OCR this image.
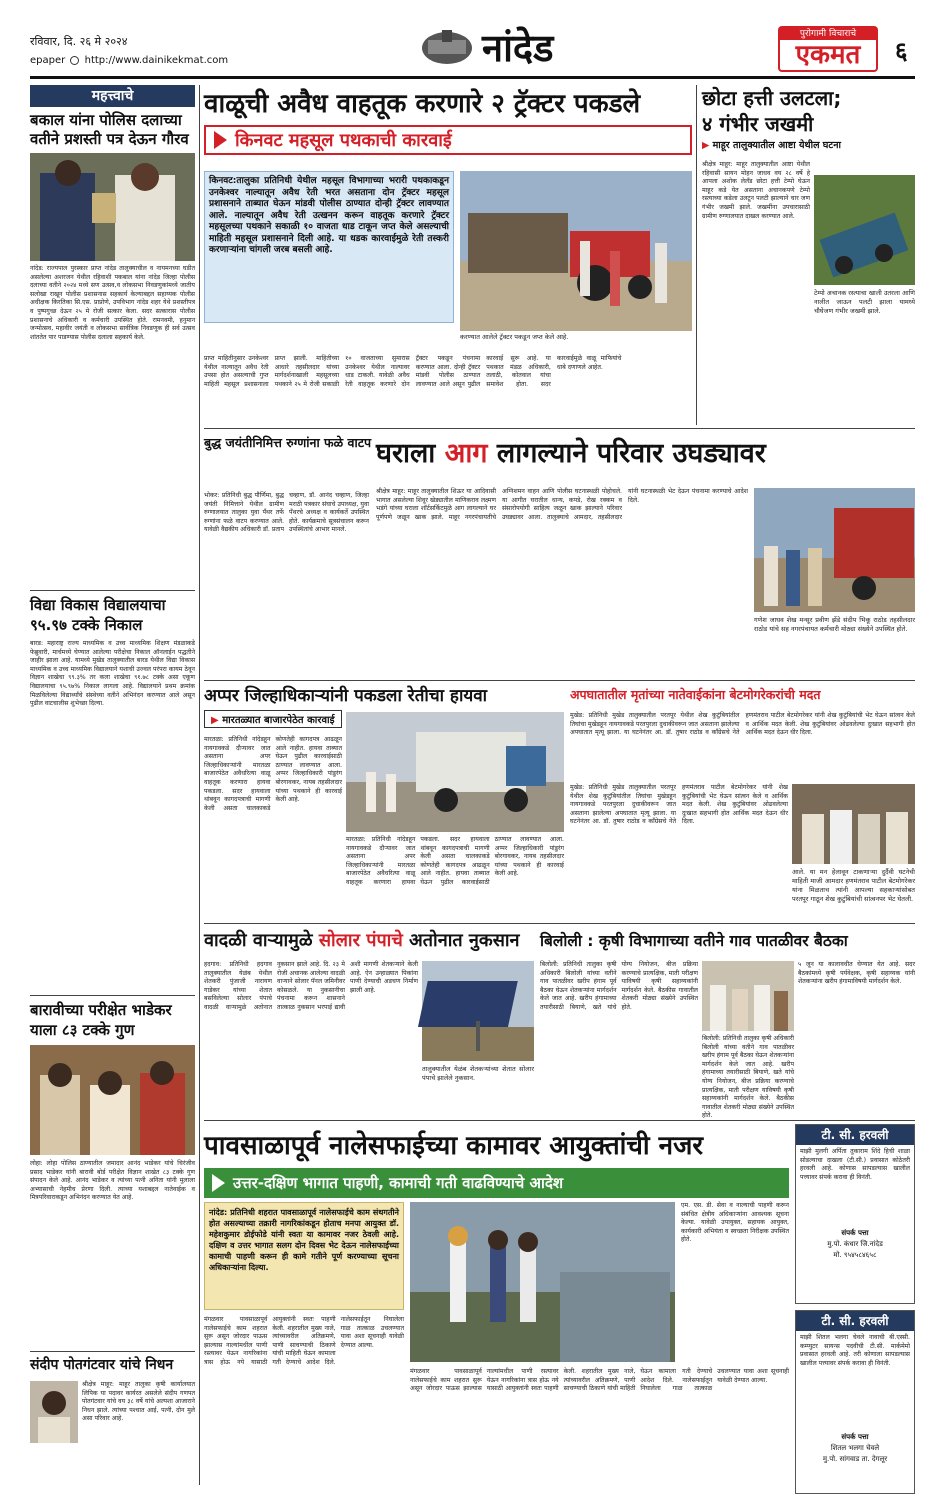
रविवार, दि. २६ मे २०२४
epaper http://www.dainikekmat.com	नांदेड	पुरोगामी विचाराचे
एकमत	६
महत्त्वाचे
बकाल यांना पोलिस दलाच्या वतीने प्रशस्ती पत्र देऊन गौरव
नांदेड: राज्यपाल पुरस्कार प्राप्त नांदेड तालुक्याचील व नायमनच्या घडीत असलेल्या अशरजन येथील रहिवाशी पकबाल यांना नांदेड जिल्हा पोलीस दलाच्या वतीने २०२४ मध्ये सण उत्सव,व लोकसभा निवडणुकांमध्ये जातीय सलोखा राखून पोलीस प्रशासनास सहकार्य केल्याबद्दल सहाय्यक पोलीस अधीक्षक किरतिका सि.एस. प्राप्रोणे, उपविभाग नांदेड शहर येथे प्रशस्तीपत्र व पुष्पगुच्छ देऊन २५ मे रोजी सत्कार केला. सदर सत्कारास पोलीस प्रशासनाचे अधिकारी व कर्मचारी उपस्थित होते. रामनवमी, हनुमान जन्मोत्सव, महावीर जयंती व लोकसभा सार्वत्रिक निवडणूक ही सर्व उत्सव शांततेत पार पाडण्यास पोलीस दलाला सहकार्य केले.
विद्या विकास विद्यालयाचा ९५.९७ टक्के निकाल
बारड: महाराष्ट्र राज्य माध्यमिक व उच्च माध्यमिक शिक्षण मंडळाकडे फेब्रुवारी, मार्चमध्ये घेण्यात आलेल्या परीक्षेचा निकाल ऑनलाईन पद्धतीने जाहीर झाला आहे. यामध्ये मुखेड तालुक्यातील बारड येथील विद्या विकास माध्यमिक व उच्च माध्यमिक विद्यालयाने यशाची उज्वल परंपरा कायम ठेवून विज्ञान शाखेचा ९९.३% तर कला शाखेचा ९१.७८ टक्के असा एकूण विद्यालयाचा ९५.९७% निकाल लागला आहे. विद्यालयाने प्रथम क्रमांक मिळविलेल्या विद्यार्थ्यांचे संस्थेच्या वतीने अभिनंदन करण्यात आले असून पुढील वाटचालीस शुभेच्छा दिल्या.
बारावीच्या परीक्षेत भाडेकर याला ८३ टक्के गुण
लोहा: लोहा पोलिस ठाण्यातील जमादार आनंद भाडेकर यांचे चिरंजीव प्रसाद भाडेकर यांनी बारावी बोर्ड परीक्षेत विज्ञान शाखेत ८३ टक्के गुण संपादन केले आहे. आनंद भाडेकर व त्यांच्या पत्नी अनिता यांनी मुलाला अभ्यासाची नेहमीच प्रेरणा दिली. त्याच्या यशाबद्दल नातेवाईक व मित्रपरिवाराकडून अभिनंदन करण्यात येत आहे.
संदीप पोतगंटवार यांचे निधन
श्रीक्षेत्र माहूर: माहूर तालुका कृषी कार्यालयात लिपिक या पदावर कार्यरत असलेले संदीप गणपत पोतगंटवार यांचे वय ३८ वर्षे यांचे अल्पशा आजाराने निधन झाले. त्यांच्या पश्चात आई, पत्नी, दोन मुले असा परिवार आहे.
वाळूची अवैध वाहतूक करणारे २ ट्रॅक्टर पकडले
किनवट महसूल पथकाची कारवाई
किनवट:तालुका प्रतिनिधी येथील महसूल विभागाच्या भरारी पथकाकडून उनकेश्वर नाल्यातून अवैध रेती भरत असताना दोन ट्रॅक्टर महसूल प्रशासनाने ताब्यात घेऊन मांडवी पोलीस ठाण्यात दोन्ही ट्रॅक्टर लावण्यात आले. नाल्यातून अवैध रेती उत्खनन करून वाहतूक करणारे ट्रॅक्टर महसूलच्या पथकाने सकाळी १० वाजता धाड टाकून जप्त केले असल्याची माहिती महसूल प्रशासनाने दिली आहे. या धडक कारवाईमुळे रेती तस्करी करणाऱ्यांना चांगली जरब बसली आहे.
करण्यात आलेले ट्रॅक्टर पकडून जप्त केले आहे.
प्राप्त माहितीनुसार उनकेश्वर येथील नाल्यातून अवैध रेती उपसा होत असल्याची गुप्त माहिती महसूल प्रशासनाला प्राप्त झाली. माहितीच्या आधारे तहसीलदार यांच्या मार्गदर्शनाखाली महसूलच्या पथकाने २५ मे रोजी सकाळी १० वाजताच्या सुमारास उनकेश्वर येथील नाल्यावर धाड टाकली. यावेळी अवैध रेती वाहतूक करणारे दोन ट्रॅक्टर पकडून पंचनामा करण्यात आला. दोन्ही ट्रॅक्टर मांडवी पोलीस ठाण्यात लावण्यात आले असून पुढील कारवाई सुरू आहे. या पथकात मंडळ अधिकारी, तलाठी, कोतवाल यांचा समावेश होता. सदर कारवाईमुळे वाळू माफियांचे धाबे दणाणले आहेत.
छोटा हत्ती उलटला;
४ गंभीर जखमी
▶ माहूर तालुक्यातील आष्टा येथील घटना
श्रीक्षेत्र माहूर: माहूर तालुक्यातील आष्टा येथील रहिवासी सायन मोहन जाधव वय २८ वर्षे हे आपला अशोक लेलँड छोटा हत्ती टेम्पो घेऊन माहूर कडे येत असताना अचानकपणे टेम्पो रस्त्याच्या कडेला उलटून पलटी झाल्याने चार जण गंभीर जखमी झाले. जखमींना उपचारासाठी ग्रामीण रुग्णालयात दाखल करण्यात आले.
टेम्पो अचानक रस्त्याचा खाली उतरला आणि नालीत जाऊन पलटी झाला यामध्ये चौघेजण गंभीर जखमी झाले.
बुद्ध जयंतीनिमित्त रुग्णांना फळे वाटप
भोकर: प्रतिनिधी बुद्ध पौर्णिमा, बुद्ध जयंती निमित्ताने येथील ग्रामीण रुग्णालयात तालुका युवा पँथर तर्फे रुग्णांना फळे वाटप करण्यात आले. यावेळी वैद्यकीय अधिकारी डॉ. प्रताप चव्हाण, डॉ. आनंद चव्हाण, जिल्हा मराठी पत्रकार संघाचे उपाध्यक्ष, युवा पँथरचे अध्यक्ष व कार्यकर्ते उपस्थित होते. कार्यक्रमाचे सूत्रसंचालन करून उपस्थितांचे आभार मानले.
घराला आग लागल्याने परिवार उघड्यावर
श्रीक्षेत्र माहूर: माहूर तालुक्यातील शिऊर या आदिवासी भागात असलेल्या शिवूर खेड्यातील माणिकराव लक्ष्मण भडंगे यांच्या घराला शॉर्टसर्किटमुळे आग लागल्याने घर पूर्णपणे जळून खाक झाले. माहूर नगरपंचायतीचे अग्निशमन वाहन आणि पोलीस घटनास्थळी पोहोचले. या आगीत घरातील धान्य, कपडे, रोख रक्कम व संसारोपयोगी साहित्य जळून खाक झाल्याने परिवार उघड्यावर आला. तालुक्याचे आमदार, तहसीलदार यांनी घटनास्थळी भेट देऊन पंचनामा करण्याचे आदेश दिले.
गणेश जाधव शेख मन्सूर प्रवीण झेंडे संदीप भिकू राठोड तहसीलदार राठोड यांचे सह नगरपंचायत कर्मचारी मोठ्या संख्येने उपस्थित होते.
अप्पर जिल्हाधिकाऱ्यांनी पकडला रेतीचा हायवा
▶ मारतळ्यात बाजारपेठेत कारवाई
मारतळा: प्रतिनिधी नांदेडहून नायगावकडे दौऱ्यावर जात असताना अपर जिल्हाधिकाऱ्यांनी मारतळा बाजारपेठेत अवैधरित्या वाळू वाहतूक करणारा हायवा पकडला. सदर हायवाला थांबवून कागदपत्राची मागणी केली असता चालकाकडे कोणतेही कागदपत्र आढळून आले नाहीत. हायवा ताब्यात घेऊन पुढील कारवाईसाठी ठाण्यात लावण्यात आला. अप्पर जिल्हाधिकारी पांडुरंग बोरगावकर, नायब तहसीलदार यांच्या पथकाने ही कारवाई केली आहे.
मारतळा: प्रतिनिधी नांदेडहून नायगावकडे दौऱ्यावर जात असताना अपर जिल्हाधिकाऱ्यांनी मारतळा बाजारपेठेत अवैधरित्या वाळू वाहतूक करणारा हायवा पकडला. सदर हायवाला थांबवून कागदपत्राची मागणी केली असता चालकाकडे कोणतेही कागदपत्र आढळून आले नाहीत. हायवा ताब्यात घेऊन पुढील कारवाईसाठी ठाण्यात लावण्यात आला. अप्पर जिल्हाधिकारी पांडुरंग बोरगावकर, नायब तहसीलदार यांच्या पथकाने ही कारवाई केली आहे.
अपघातातील मृतांच्या नातेवाईकांना बेटमोगरेकरांची मदत
मुखेड: प्रतिनिधी मुखेड तालुक्यातील परतपूर येथील शेख कुटुंबियांतील तिघांचा मुखेडहून नायगावकडे परतपुरला दुचाकीवरून जात असताना झालेल्या अपघातात मृत्यू झाला. या घटनेनंतर आ. डॉ. तुषार राठोड व काँग्रेसचे नेते हणमंतराव पाटील बेटमोगरेकर यांनी शेख कुटुंबियांची भेट घेऊन सांत्वन केले व आर्थिक मदत केली. शेख कुटुंबियांवर ओढवलेल्या दुःखात सहभागी होत आर्थिक मदत देऊन धीर दिला.
मुखेड: प्रतिनिधी मुखेड तालुक्यातील परतपूर येथील शेख कुटुंबियांतील तिघांचा मुखेडहून नायगावकडे परतपुरला दुचाकीवरून जात असताना झालेल्या अपघातात मृत्यू झाला. या घटनेनंतर आ. डॉ. तुषार राठोड व काँग्रेसचे नेते हणमंतराव पाटील बेटमोगरेकर यांनी शेख कुटुंबियांची भेट घेऊन सांत्वन केले व आर्थिक मदत केली. शेख कुटुंबियांवर ओढवलेल्या दुःखात सहभागी होत आर्थिक मदत देऊन धीर दिला.
आले. या मन हेलावून टाकणाऱ्या दुर्दैवी घटनेची माहिती माजी आमदार हणमंतराव पाटील बेटमोगरेकर यांना मिळताच त्यांनी आपल्या सहकाऱ्यांसोबत परतपूर गाठून शेख कुटुंबियांची सांत्वनपर भेट घेतली.
वादळी वाऱ्यामुळे सोलार पंपाचे अतोनात नुकसान
हदगाव: प्रतिनिधी हदगाव तालुक्यातील येळंब येथील शेतकरी पुंजाजी नारायण गाडेकर यांच्या शेतात बसविलेल्या सोलार पंपाचे वादळी वाऱ्यामुळे अतोनात नुकसान झाले आहे. दि. २३ मे रोजी अचानक आलेल्या वादळी वाऱ्याने सोलार पॅनल जमिनीवर कोसळले. या नुकसानीचा पंचनामा करून शासनाने तात्काळ नुकसान भरपाई द्यावी अशी मागणी शेतकऱ्याने केली आहे. ऐन उन्हाळ्यात पिकांना पाणी देण्याची अडचण निर्माण झाली आहे.
तालुक्यातील येळंब शेतकऱ्यांच्या शेतात सोलार पंपाचे झालेले नुकसान.
बिलोली : कृषी विभागाच्या वतीने गाव पातळीवर बैठका
बिलोली: प्रतिनिधी तालुका कृषी अधिकारी बिलोली यांच्या वतीने गाव पातळीवर खरीप हंगाम पूर्व बैठका घेऊन शेतकऱ्यांना मार्गदर्शन केले जात आहे. खरीप हंगामाच्या तयारीसाठी बियाणे, खते यांचे योग्य नियोजन, बीज प्रक्रिया करण्याचे प्रात्यक्षिक, माती परीक्षण याविषयी कृषी सहाय्यकांनी मार्गदर्शन केले. बैठकीस गावातील शेतकरी मोठ्या संख्येने उपस्थित होते.
बिलोली: प्रतिनिधी तालुका कृषी अधिकारी बिलोली यांच्या वतीने गाव पातळीवर खरीप हंगाम पूर्व बैठका घेऊन शेतकऱ्यांना मार्गदर्शन केले जात आहे. खरीप हंगामाच्या तयारीसाठी बियाणे, खते यांचे योग्य नियोजन, बीज प्रक्रिया करण्याचे प्रात्यक्षिक, माती परीक्षण याविषयी कृषी सहाय्यकांनी मार्गदर्शन केले. बैठकीस गावातील शेतकरी मोठ्या संख्येने उपस्थित होते.
५ जून या कालावधीत घेण्यात येत आहे. सदर बैठकांमध्ये कृषी पर्यवेक्षक, कृषी सहाय्यक यांनी शेतकऱ्यांना खरीप हंगामाविषयी मार्गदर्शन केले.
पावसाळापूर्व नालेसफाईच्या कामावर आयुक्तांची नजर
उत्तर-दक्षिण भागात पाहणी, कामाची गती वाढविण्याचे आदेश
नांदेड: प्रतिनिधी शहरात पावसाळापूर्व नालेसफाईचे काम संथगतीने होत असल्याच्या तक्रारी नागरिकांकडून होताच मनपा आयुक्त डॉ. महेशकुमार डोईफोडे यांनी स्वतः या कामावर नजर ठेवली आहे. दक्षिण व उत्तर भागात सलग दोन दिवस भेट देऊन नालेसफाईच्या कामाची पाहणी करून ही कामे गतीने पूर्ण करण्याच्या सूचना अधिकाऱ्यांना दिल्या.
एम. एस. डी. सेवा व नाल्याची पाहणी करून संबंधित क्षेत्रीय अधिकाऱ्यांना आवश्यक सूचना केल्या. यावेळी उपायुक्त, सहायक आयुक्त, कार्यकारी अभियंता व स्वच्छता निरीक्षक उपस्थित होते.
मंगळवार पावसाळापूर्व नालेसफाईचे काम शहरात सुरू असून जोरदार पाऊस झाल्यास नाल्यांमधील पाणी रस्त्यावर येऊन नागरिकांना त्रास होऊ नये यासाठी आयुक्तांनी स्वतः पाहणी केली. शहरातील मुख्य नाले, त्यांच्यावरील अतिक्रमणे, पाणी साचण्याची ठिकाणे यांची माहिती घेऊन कामाला गती देण्याचे आदेश दिले. नालेसफाईतून निघालेला गाळ तात्काळ उचलण्यात यावा अशा सूचनाही यावेळी देण्यात आल्या.
मंगळवार पावसाळापूर्व नालेसफाईचे काम शहरात सुरू असून जोरदार पाऊस झाल्यास नाल्यांमधील पाणी रस्त्यावर येऊन नागरिकांना त्रास होऊ नये यासाठी आयुक्तांनी स्वतः पाहणी केली. शहरातील मुख्य नाले, त्यांच्यावरील अतिक्रमणे, पाणी साचण्याची ठिकाणे यांची माहिती घेऊन कामाला गती देण्याचे आदेश दिले. नालेसफाईतून निघालेला गाळ तात्काळ उचलण्यात यावा अशा सूचनाही यावेळी देण्यात आल्या.
टी. सी. हरवली
माझी मुलगी अर्पिता तुकाराम शिंदे हिची शाळा सोडल्याचा दाखला (टी.सी.) प्रवासात कोठेतरी हरवली आहे. कोणास सापडल्यास खालील पत्त्यावर संपर्क करावा ही विनंती.
संपर्क पत्ता
मु.पो. कंधार जि.नांदेड
मो. ९५४५८४६५८
टी. सी. हरवली
माझी शितल भलगा चेवले नावाची बी.एस्सी. कम्प्युटर सायन्स पदवीची टी.सी. मार्कमेमो प्रवासात हरवली आहे. तरी कोणाला सापडल्यास खालील पत्त्यावर संपर्क करावा ही विनंती.
संपर्क पत्ता
शितल भलगा चेवले
मु.पो. सांगवाड ता. देगलूर
